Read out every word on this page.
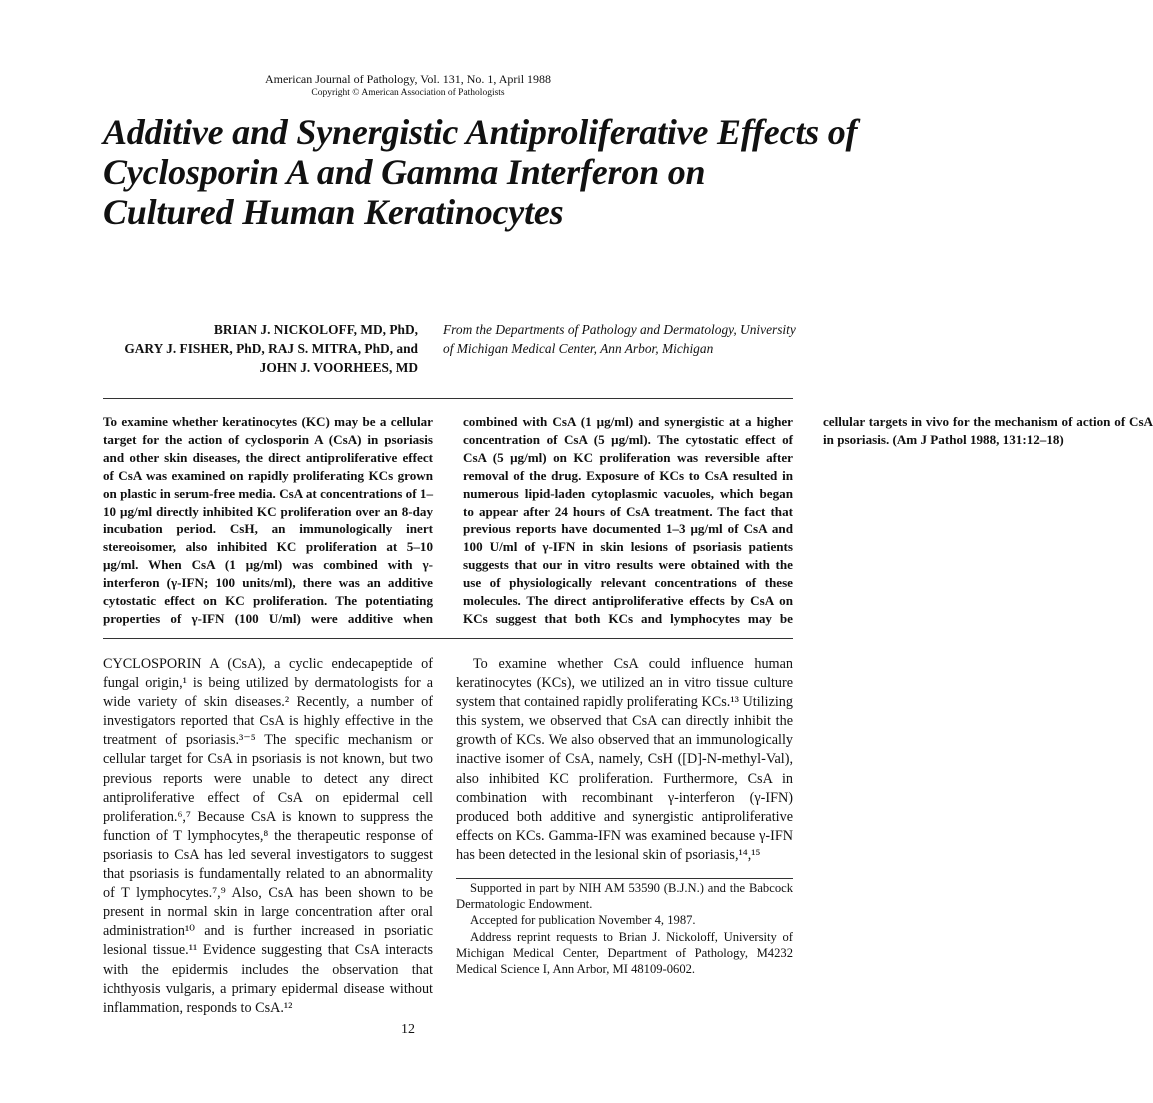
American Journal of Pathology, Vol. 131, No. 1, April 1988
Copyright © American Association of Pathologists
Additive and Synergistic Antiproliferative Effects of
Cyclosporin A and Gamma Interferon on
Cultured Human Keratinocytes
BRIAN J. NICKOLOFF, MD, PhD,
GARY J. FISHER, PhD, RAJ S. MITRA, PhD, and
JOHN J. VOORHEES, MD
From the Departments of Pathology and Dermatology, University
of Michigan Medical Center, Ann Arbor, Michigan

To examine whether keratinocytes (KC) may be a cellular target for the action of cyclosporin A (CsA) in psoriasis and other skin diseases, the direct antiproliferative effect of CsA was examined on rapidly proliferating KCs grown on plastic in serum-free media. CsA at concentrations of 1–10 μg/ml directly inhibited KC proliferation over an 8-day incubation period. CsH, an immunologically inert stereoisomer, also inhibited KC proliferation at 5–10 μg/ml. When CsA (1 μg/ml) was combined with γ-interferon (γ-IFN; 100 units/ml), there was an additive cytostatic effect on KC proliferation. The potentiating properties of γ-IFN (100 U/ml) were additive when combined with CsA (1 μg/ml) and synergistic at a higher concentration of CsA (5 μg/ml). The cytostatic effect of CsA (5 μg/ml) on KC proliferation was reversible after removal of the drug. Exposure of KCs to CsA resulted in numerous lipid-laden cytoplasmic vacuoles, which began to appear after 24 hours of CsA treatment. The fact that previous reports have documented 1–3 μg/ml of CsA and 100 U/ml of γ-IFN in skin lesions of psoriasis patients suggests that our in vitro results were obtained with the use of physiologically relevant concentrations of these molecules. The direct antiproliferative effects by CsA on KCs suggest that both KCs and lymphocytes may be cellular targets in vivo for the mechanism of action of CsA in psoriasis. (Am J Pathol 1988, 131:12–18)

CYCLOSPORIN A (CsA), a cyclic endecapeptide of fungal origin,¹ is being utilized by dermatologists for a wide variety of skin diseases.² Recently, a number of investigators reported that CsA is highly effective in the treatment of psoriasis.³⁻⁵ The specific mechanism or cellular target for CsA in psoriasis is not known, but two previous reports were unable to detect any direct antiproliferative effect of CsA on epidermal cell proliferation.⁶,⁷ Because CsA is known to suppress the function of T lymphocytes,⁸ the therapeutic response of psoriasis to CsA has led several investigators to suggest that psoriasis is fundamentally related to an abnormality of T lymphocytes.⁷,⁹ Also, CsA has been shown to be present in normal skin in large concentration after oral administration¹⁰ and is further increased in psoriatic lesional tissue.¹¹ Evidence suggesting that CsA interacts with the epidermis includes the observation that ichthyosis vulgaris, a primary epidermal disease without inflammation, responds to CsA.¹²

To examine whether CsA could influence human keratinocytes (KCs), we utilized an in vitro tissue culture system that contained rapidly proliferating KCs.¹³ Utilizing this system, we observed that CsA can directly inhibit the growth of KCs. We also observed that an immunologically inactive isomer of CsA, namely, CsH ([D]-N-methyl-Val), also inhibited KC proliferation. Furthermore, CsA in combination with recombinant γ-interferon (γ-IFN) produced both additive and synergistic antiproliferative effects on KCs. Gamma-IFN was examined because γ-IFN has been detected in the lesional skin of psoriasis,¹⁴,¹⁵

Supported in part by NIH AM 53590 (B.J.N.) and the Babcock Dermatologic Endowment.

Accepted for publication November 4, 1987.

Address reprint requests to Brian J. Nickoloff, University of Michigan Medical Center, Department of Pathology, M4232 Medical Science I, Ann Arbor, MI 48109-0602.

12
